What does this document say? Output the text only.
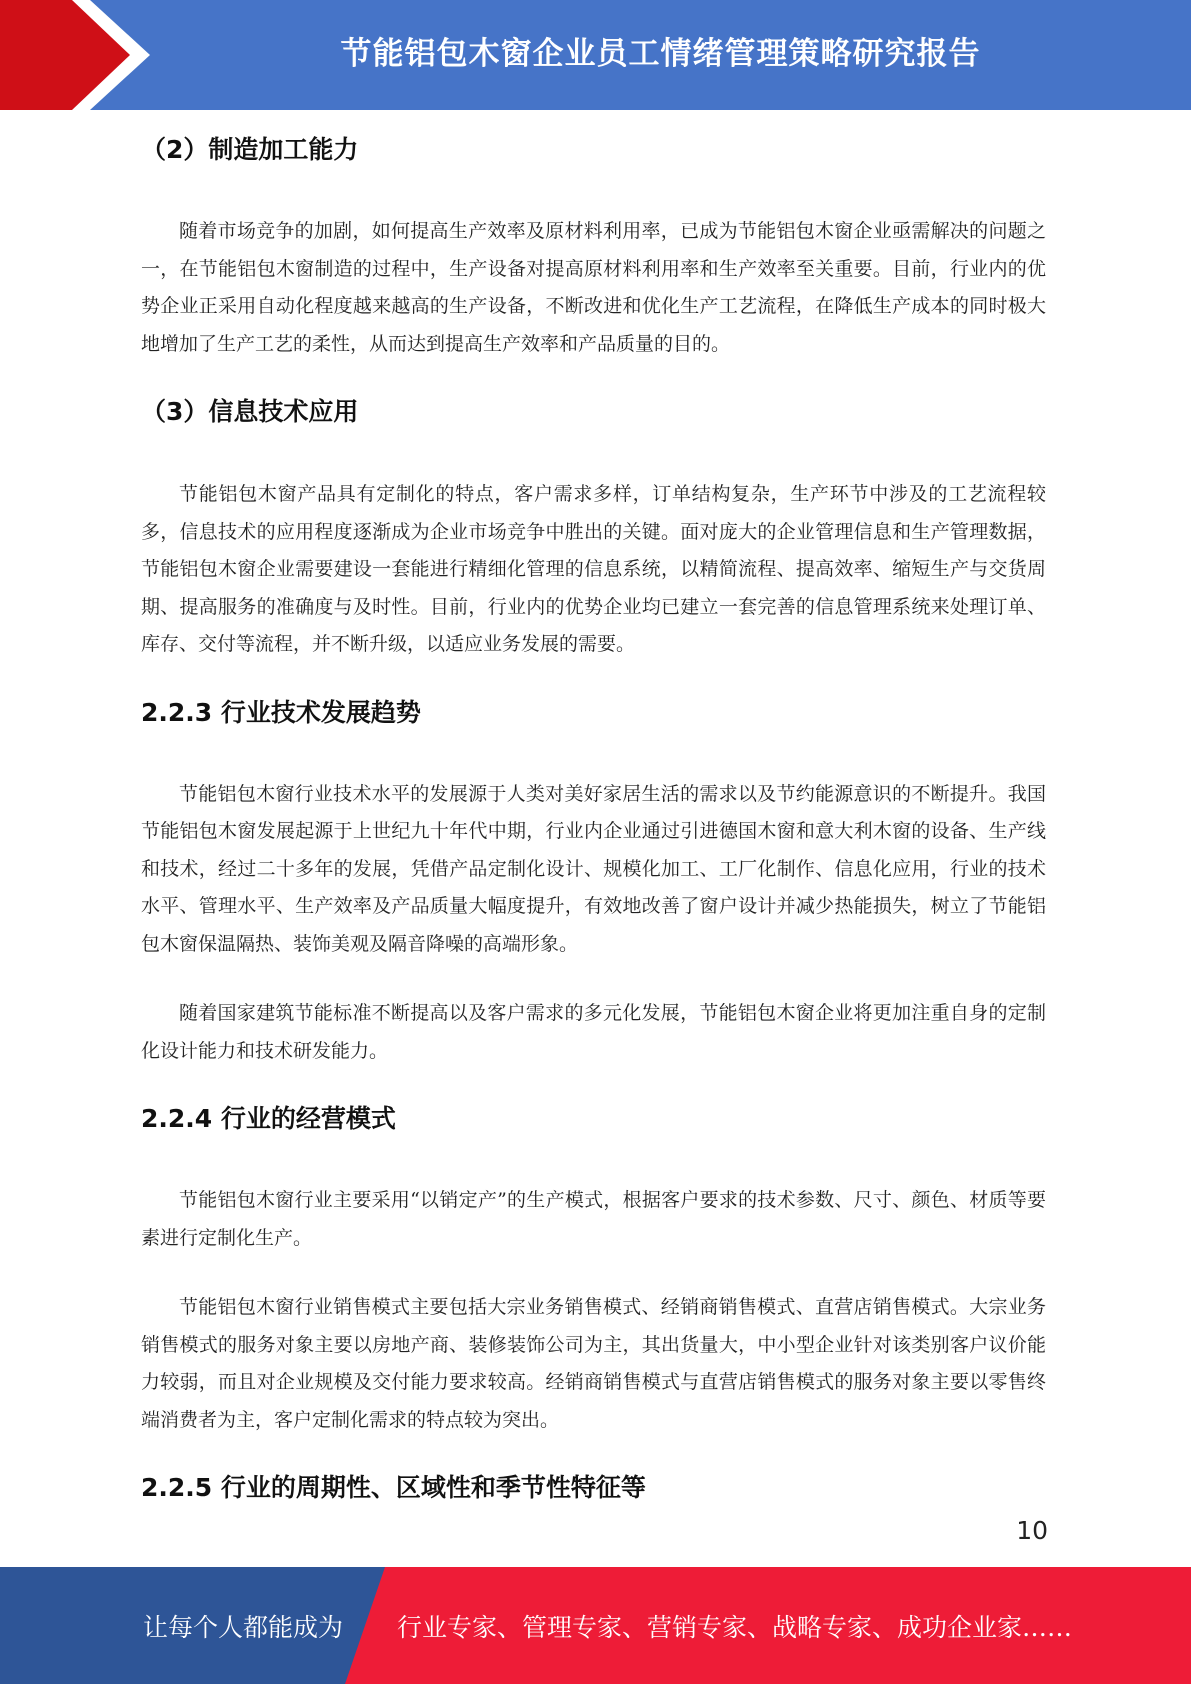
节能铝包木窗企业员工情绪管理策略研究报告
（2）制造加工能力

随着市场竞争的加剧，如何提高生产效率及原材料利用率，已成为节能铝包木窗企业亟需解决的问题之一，在节能铝包木窗制造的过程中，生产设备对提高原材料利用率和生产效率至关重要。目前，行业内的优势企业正采用自动化程度越来越高的生产设备，不断改进和优化生产工艺流程，在降低生产成本的同时极大地增加了生产工艺的柔性，从而达到提高生产效率和产品质量的目的。

（3）信息技术应用

节能铝包木窗产品具有定制化的特点，客户需求多样，订单结构复杂，生产环节中涉及的工艺流程较多，信息技术的应用程度逐渐成为企业市场竞争中胜出的关键。面对庞大的企业管理信息和生产管理数据，节能铝包木窗企业需要建设一套能进行精细化管理的信息系统，以精简流程、提高效率、缩短生产与交货周期、提高服务的准确度与及时性。目前，行业内的优势企业均已建立一套完善的信息管理系统来处理订单、库存、交付等流程，并不断升级，以适应业务发展的需要。

2.2.3 行业技术发展趋势

节能铝包木窗行业技术水平的发展源于人类对美好家居生活的需求以及节约能源意识的不断提升。我国节能铝包木窗发展起源于上世纪九十年代中期，行业内企业通过引进德国木窗和意大利木窗的设备、生产线和技术，经过二十多年的发展，凭借产品定制化设计、规模化加工、工厂化制作、信息化应用，行业的技术水平、管理水平、生产效率及产品质量大幅度提升，有效地改善了窗户设计并减少热能损失，树立了节能铝包木窗保温隔热、装饰美观及隔音降噪的高端形象。

随着国家建筑节能标准不断提高以及客户需求的多元化发展，节能铝包木窗企业将更加注重自身的定制化设计能力和技术研发能力。

2.2.4 行业的经营模式

节能铝包木窗行业主要采用“以销定产”的生产模式，根据客户要求的技术参数、尺寸、颜色、材质等要素进行定制化生产。

节能铝包木窗行业销售模式主要包括大宗业务销售模式、经销商销售模式、直营店销售模式。大宗业务销售模式的服务对象主要以房地产商、装修装饰公司为主，其出货量大，中小型企业针对该类别客户议价能力较弱，而且对企业规模及交付能力要求较高。经销商销售模式与直营店销售模式的服务对象主要以零售终端消费者为主，客户定制化需求的特点较为突出。

2.2.5 行业的周期性、区域性和季节性特征等
10
让每个人都能成为 行业专家、管理专家、营销专家、战略专家、成功企业家……
